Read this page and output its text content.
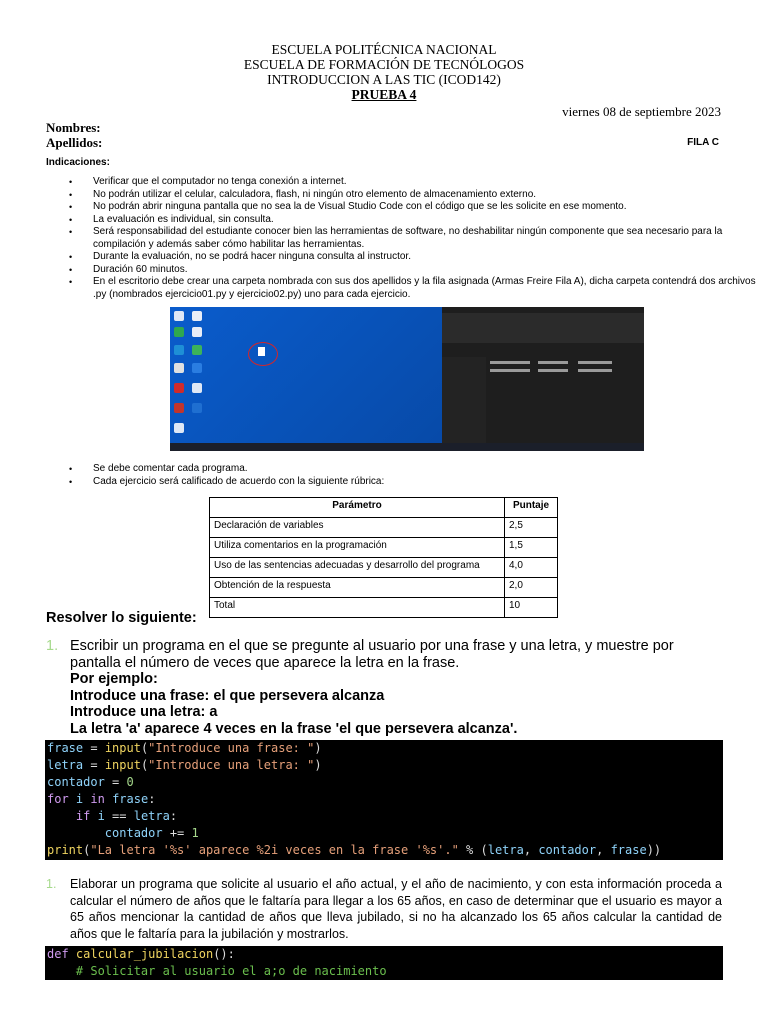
ESCUELA POLITÉCNICA NACIONAL
ESCUELA DE FORMACIÓN DE TECNÓLOGOS
INTRODUCCION A LAS TIC (ICOD142)
PRUEBA 4
viernes 08 de septiembre 2023
Nombres:
Apellidos:	FILA C
Indicaciones:
• Verificar que el computador no tenga conexión a internet.
• No podrán utilizar el celular, calculadora, flash, ni ningún otro elemento de almacenamiento externo.
• No podrán abrir ninguna pantalla que no sea la de Visual Studio Code con el código que se les solicite en ese momento.
• La evaluación es individual, sin consulta.
• Será responsabilidad del estudiante conocer bien las herramientas de software, no deshabilitar ningún componente que sea necesario para la compilación y además saber cómo habilitar las herramientas.
• Durante la evaluación, no se podrá hacer ninguna consulta al instructor.
• Duración 60 minutos.
• En el escritorio debe crear una carpeta nombrada con sus dos apellidos y la fila asignada (Armas Freire Fila A), dicha carpeta contendrá dos archivos .py (nombrados ejercicio01.py y ejercicio02.py) uno para cada ejercicio.
• Se debe comentar cada programa.
• Cada ejercicio será calificado de acuerdo con la siguiente rúbrica:
Parámetro	Puntaje
Declaración de variables	2,5
Utiliza comentarios en la programación	1,5
Uso de las sentencias adecuadas y desarrollo del programa	4,0
Obtención de la respuesta	2,0
Total	10
Resolver lo siguiente:
1. Escribir un programa en el que se pregunte al usuario por una frase y una letra, y muestre por pantalla el número de veces que aparece la letra en la frase.
Por ejemplo:
Introduce una frase: el que persevera alcanza
Introduce una letra: a
La letra 'a' aparece 4 veces en la frase 'el que persevera alcanza'.
frase = input("Introduce una frase: ")
letra = input("Introduce una letra: ")
contador = 0
for i in frase:
if i == letra:
contador += 1
print("La letra '%s' aparece %2i veces en la frase '%s'." % (letra, contador, frase))
1. Elaborar un programa que solicite al usuario el año actual, y el año de nacimiento, y con esta información proceda a calcular el número de años que le faltaría para llegar a los 65 años, en caso de determinar que el usuario es mayor a 65 años mencionar la cantidad de años que lleva jubilado, si no ha alcanzado los 65 años calcular la cantidad de años que le faltaría para la jubilación y mostrarlos.
def calcular_jubilacion():
# Solicitar al usuario el a;o de nacimiento
